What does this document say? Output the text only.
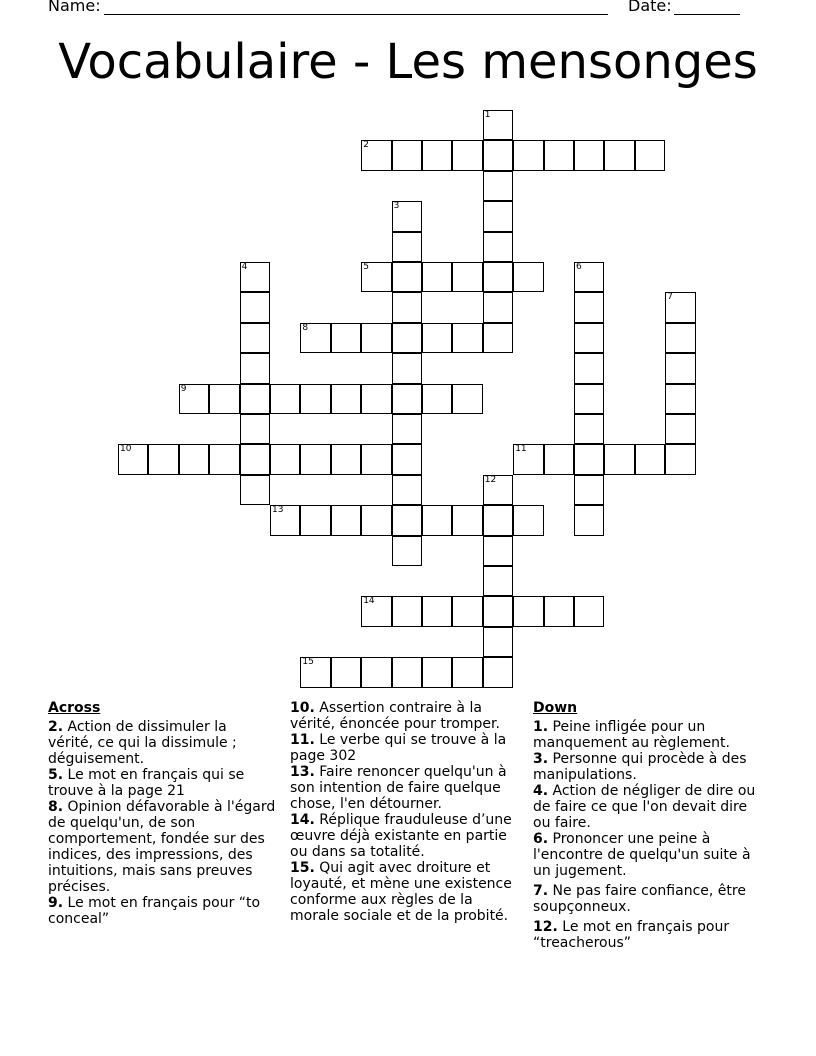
Name:	Date:
Vocabulaire - Les mensonges
1
2
3
4	5	6
7
8
9
10	11
12
13
14
15
Across
2. Action de dissimuler la vérité, ce qui la dissimule ; déguisement.
5. Le mot en français qui se trouve à la page 21
8. Opinion défavorable à l'égard de quelqu'un, de son comportement, fondée sur des indices, des impressions, des intuitions, mais sans preuves précises.
9. Le mot en français pour “to conceal”
10. Assertion contraire à la vérité, énoncée pour tromper.
11. Le verbe qui se trouve à la page 302
13. Faire renoncer quelqu'un à son intention de faire quelque chose, l'en détourner.
14. Réplique frauduleuse d’une œuvre déjà existante en partie ou dans sa totalité.
15. Qui agit avec droiture et loyauté, et mène une existence conforme aux règles de la morale sociale et de la probité.
Down
1. Peine infligée pour un manquement au règlement.
3. Personne qui procède à des manipulations.
4. Action de négliger de dire ou de faire ce que l'on devait dire ou faire.
6. Prononcer une peine à l'encontre de quelqu'un suite à un jugement.
7. Ne pas faire confiance, être soupçonneux.
12. Le mot en français pour “treacherous”
